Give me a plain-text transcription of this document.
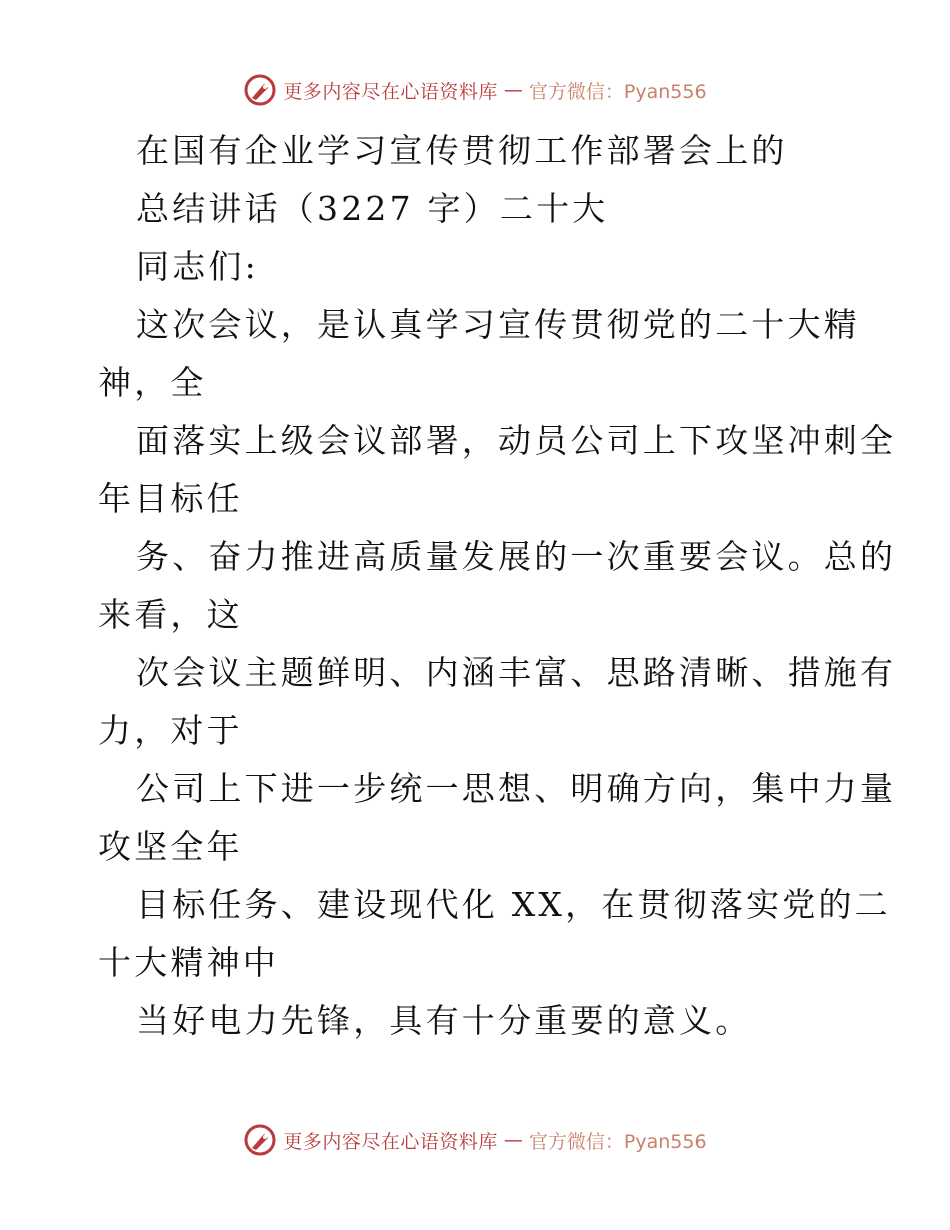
更多内容尽在心语资料库 — 官方微信：Pyan556
在国有企业学习宣传贯彻工作部署会上的
总结讲话（3227 字）二十大
同志们:
这次会议，是认真学习宣传贯彻党的二十大精
神，全
面落实上级会议部署，动员公司上下攻坚冲刺全
年目标任
务、奋力推进高质量发展的一次重要会议。总的
来看，这
次会议主题鲜明、内涵丰富、思路清晰、措施有
力，对于
公司上下进一步统一思想、明确方向，集中力量
攻坚全年
目标任务、建设现代化 XX，在贯彻落实党的二
十大精神中
当好电力先锋，具有十分重要的意义。
更多内容尽在心语资料库 — 官方微信：Pyan556
